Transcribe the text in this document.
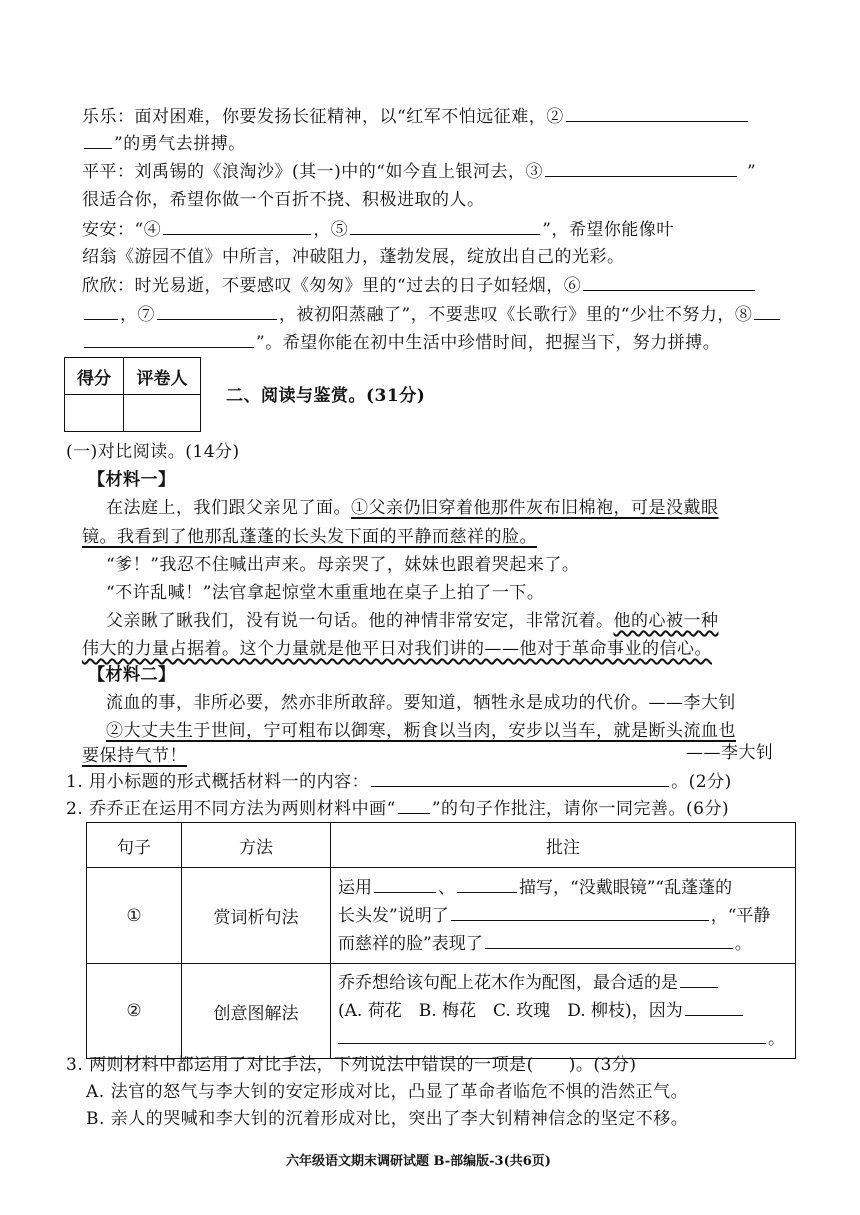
乐乐：面对困难，你要发扬长征精神，以“红军不怕远征难，②
”的勇气去拼搏。
平平：刘禹锡的《浪淘沙》(其一)中的“如今直上银河去，③	”
很适合你，希望你做一个百折不挠、积极进取的人。
安安：“④	，⑤	”，希望你能像叶
绍翁《游园不值》中所言，冲破阻力，蓬勃发展，绽放出自己的光彩。
欣欣：时光易逝，不要感叹《匆匆》里的“过去的日子如轻烟，⑥
，⑦	，被初阳蒸融了”，不要悲叹《长歌行》里的“少壮不努力，⑧
”。希望你能在初中生活中珍惜时间，把握当下，努力拼搏。
得分	评卷人

二、阅读与鉴赏。(31分)
(一)对比阅读。(14分)
【材料一】
在法庭上，我们跟父亲见了面。①父亲仍旧穿着他那件灰布旧棉袍，可是没戴眼
镜。我看到了他那乱蓬蓬的长头发下面的平静而慈祥的脸。
“爹！”我忍不住喊出声来。母亲哭了，妹妹也跟着哭起来了。
“不许乱喊！”法官拿起惊堂木重重地在桌子上拍了一下。
父亲瞅了瞅我们，没有说一句话。他的神情非常安定，非常沉着。他的心被一种
伟大的力量占据着。这个力量就是他平日对我们讲的——他对于革命事业的信心。
【材料二】
流血的事，非所必要，然亦非所敢辞。要知道，牺牲永是成功的代价。——李大钊
②大丈夫生于世间，宁可粗布以御寒，粝食以当肉，安步以当车，就是断头流血也
要保持气节！	——李大钊
1. 用小标题的形式概括材料一的内容：	。(2分)
2. 乔乔正在运用不同方法为两则材料中画“ ”的句子作批注，请你一同完善。(6分)
句子	方法	批注
①	赏词析句法	运用 、 描写，“没戴眼镜”“乱蓬蓬的
长头发”说明了 ，“平静
而慈祥的脸”表现了 。

②	创意图解法	乔乔想给该句配上花木作为配图，最合适的是
(A. 荷花　B. 梅花　C. 玫瑰　D. 柳枝)，因为
。
3. 两则材料中都运用了对比手法，下列说法中错误的一项是(　　)。(3分)
A. 法官的怒气与李大钊的安定形成对比，凸显了革命者临危不惧的浩然正气。
B. 亲人的哭喊和李大钊的沉着形成对比，突出了李大钊精神信念的坚定不移。
六年级语文期末调研试题 B-部编版-3(共6页)
